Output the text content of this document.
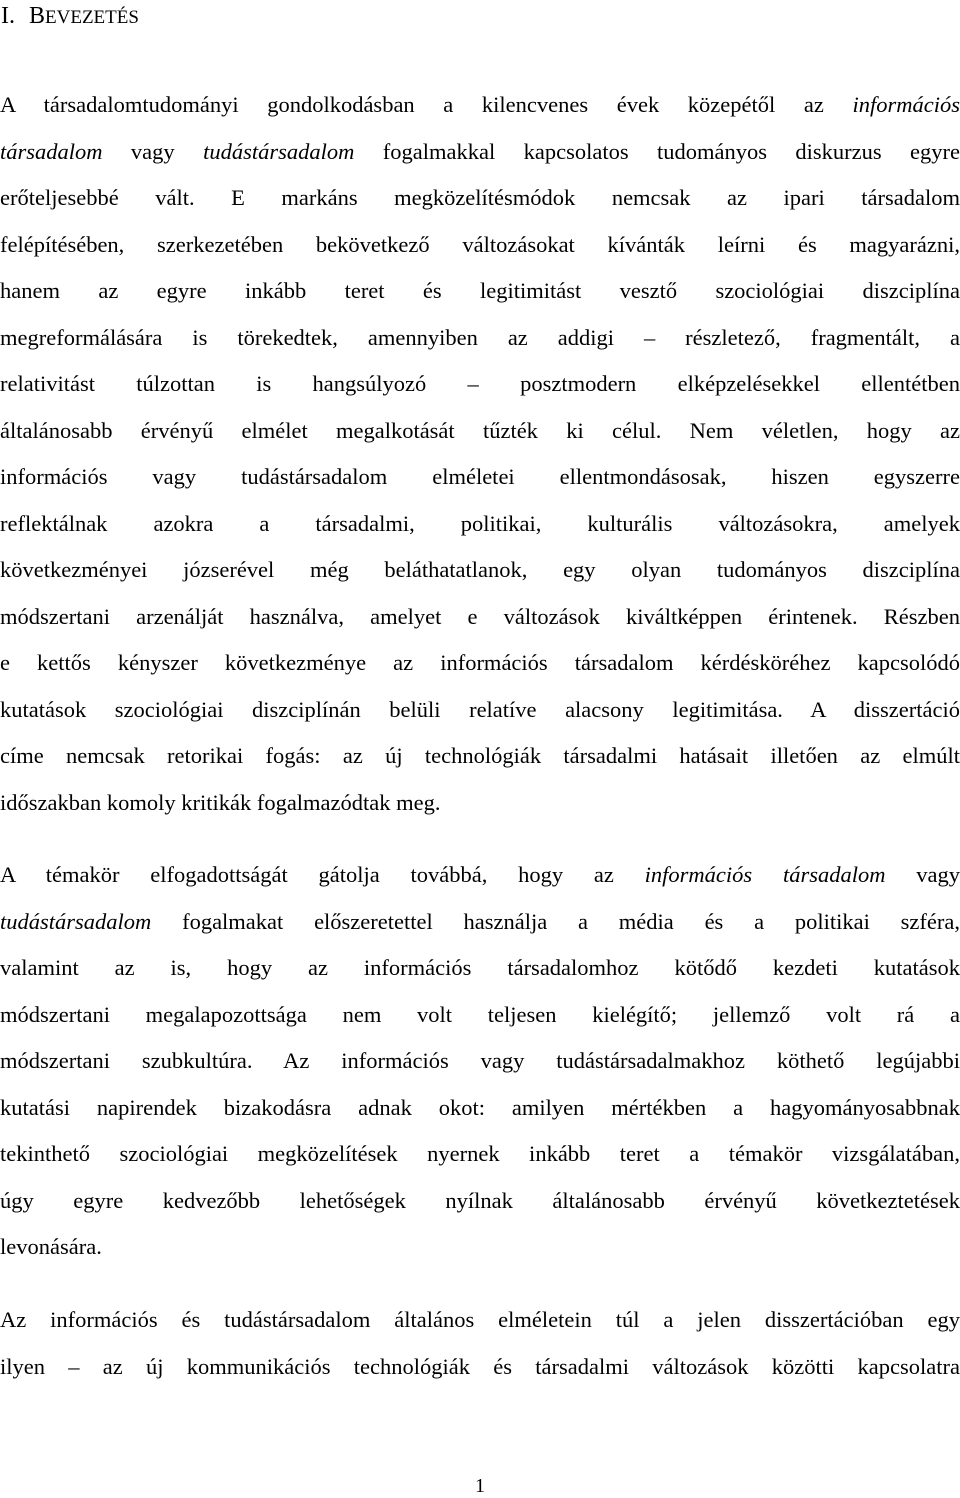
I. BEVEZETÉS
A társadalomtudományi gondolkodásban a kilencvenes évek közepétől az információs
társadalom vagy tudástársadalom fogalmakkal kapcsolatos tudományos diskurzus egyre
erőteljesebbé vált. E markáns megközelítésmódok nemcsak az ipari társadalom
felépítésében, szerkezetében bekövetkező változásokat kívánták leírni és magyarázni,
hanem az egyre inkább teret és legitimitást vesztő szociológiai diszciplína
megreformálására is törekedtek, amennyiben az addigi – részletező, fragmentált, a
relativitást túlzottan is hangsúlyozó – posztmodern elképzelésekkel ellentétben
általánosabb érvényű elmélet megalkotását tűzték ki célul. Nem véletlen, hogy az
információs vagy tudástársadalom elméletei ellentmondásosak, hiszen egyszerre
reflektálnak azokra a társadalmi, politikai, kulturális változásokra, amelyek
következményei józserével még beláthatatlanok, egy olyan tudományos diszciplína
módszertani arzenálját használva, amelyet e változások kiváltképpen érintenek. Részben
e kettős kényszer következménye az információs társadalom kérdésköréhez kapcsolódó
kutatások szociológiai diszciplínán belüli relatíve alacsony legitimitása. A disszertáció
címe nemcsak retorikai fogás: az új technológiák társadalmi hatásait illetően az elmúlt
időszakban komoly kritikák fogalmazódtak meg.
A témakör elfogadottságát gátolja továbbá, hogy az információs társadalom vagy
tudástársadalom fogalmakat előszeretettel használja a média és a politikai szféra,
valamint az is, hogy az információs társadalomhoz kötődő kezdeti kutatások
módszertani megalapozottsága nem volt teljesen kielégítő; jellemző volt rá a
módszertani szubkultúra. Az információs vagy tudástársadalmakhoz köthető legújabbi
kutatási napirendek bizakodásra adnak okot: amilyen mértékben a hagyományosabbnak
tekinthető szociológiai megközelítések nyernek inkább teret a témakör vizsgálatában,
úgy egyre kedvezőbb lehetőségek nyílnak általánosabb érvényű következtetések
levonására.
Az információs és tudástársadalom általános elméletein túl a jelen disszertációban egy
ilyen – az új kommunikációs technológiák és társadalmi változások közötti kapcsolatra
1
